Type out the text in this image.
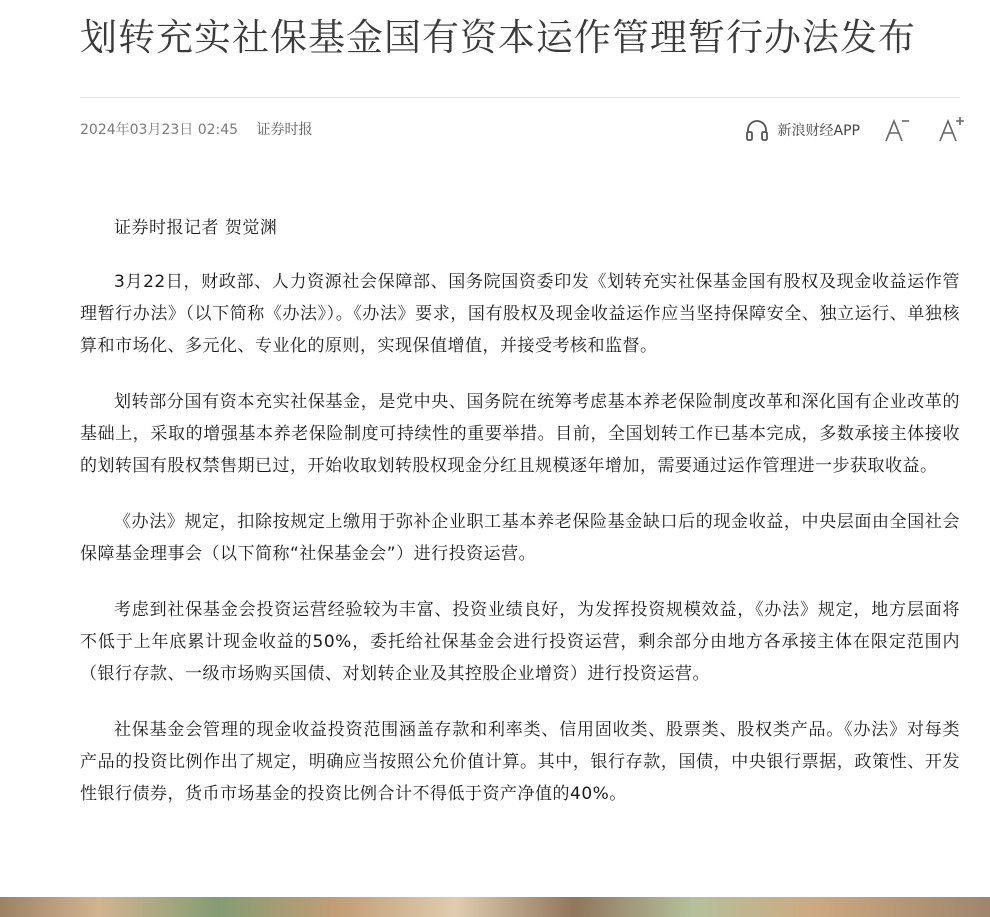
划转充实社保基金国有资本运作管理暂行办法发布
2024年03月23日 02:45 证券时报	新浪财经APP

证券时报记者 贺觉渊

3月22日，财政部、人力资源社会保障部、国务院国资委印发《划转充实社保基金国有股权及现金收益运作管理暂行办法》（以下简称《办法》）。《办法》要求，国有股权及现金收益运作应当坚持保障安全、独立运行、单独核算和市场化、多元化、专业化的原则，实现保值增值，并接受考核和监督。

划转部分国有资本充实社保基金，是党中央、国务院在统筹考虑基本养老保险制度改革和深化国有企业改革的基础上，采取的增强基本养老保险制度可持续性的重要举措。目前，全国划转工作已基本完成，多数承接主体接收的划转国有股权禁售期已过，开始收取划转股权现金分红且规模逐年增加，需要通过运作管理进一步获取收益。

《办法》规定，扣除按规定上缴用于弥补企业职工基本养老保险基金缺口后的现金收益，中央层面由全国社会保障基金理事会（以下简称“社保基金会”）进行投资运营。

考虑到社保基金会投资运营经验较为丰富、投资业绩良好，为发挥投资规模效益，《办法》规定，地方层面将不低于上年底累计现金收益的50%，委托给社保基金会进行投资运营，剩余部分由地方各承接主体在限定范围内（银行存款、一级市场购买国债、对划转企业及其控股企业增资）进行投资运营。

社保基金会管理的现金收益投资范围涵盖存款和利率类、信用固收类、股票类、股权类产品。《办法》对每类产品的投资比例作出了规定，明确应当按照公允价值计算。其中，银行存款，国债，中央银行票据，政策性、开发性银行债券，货币市场基金的投资比例合计不得低于资产净值的40%。
